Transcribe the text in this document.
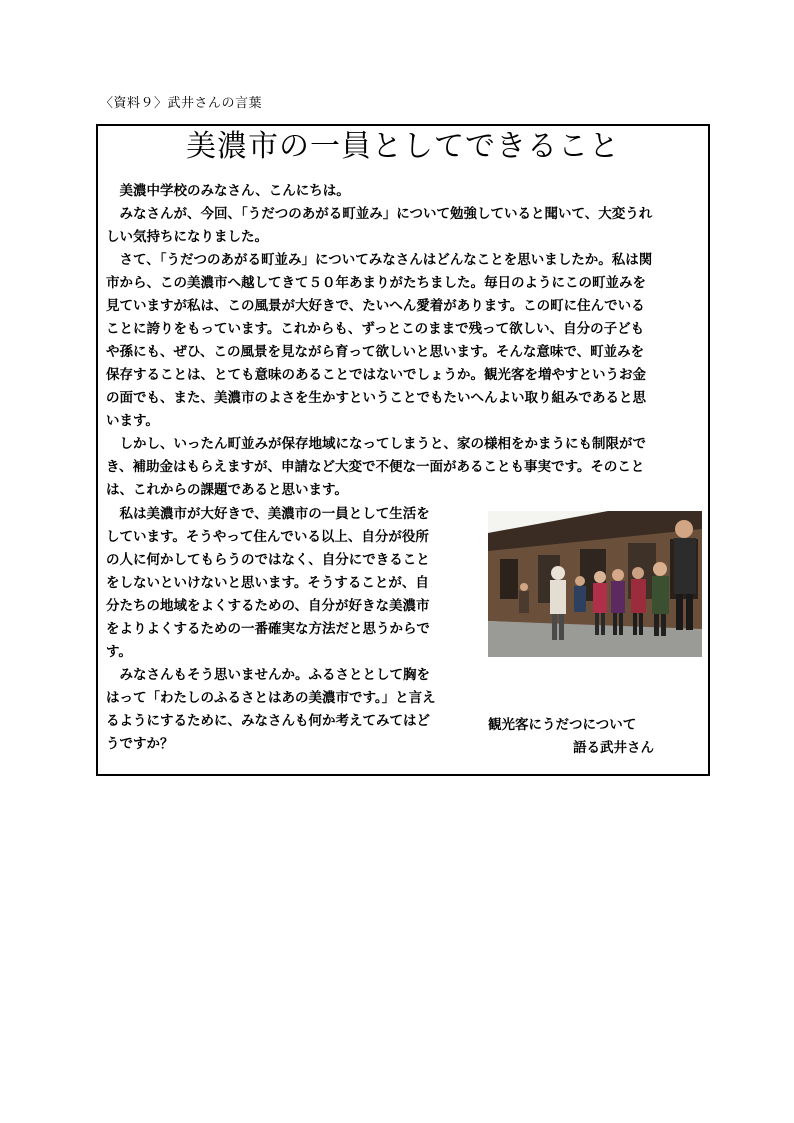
〈資料９〉武井さんの言葉
美濃市の一員としてできること
　美濃中学校のみなさん、こんにちは。
　みなさんが、今回、「うだつのあがる町並み」について勉強していると聞いて、大変うれ
しい気持ちになりました。
　さて、「うだつのあがる町並み」についてみなさんはどんなことを思いましたか。私は関
市から、この美濃市へ越してきて５０年あまりがたちました。毎日のようにこの町並みを
見ていますが私は、この風景が大好きで、たいへん愛着があります。この町に住んでいる
ことに誇りをもっています。これからも、ずっとこのままで残って欲しい、自分の子ども
や孫にも、ぜひ、この風景を見ながら育って欲しいと思います。そんな意味で、町並みを
保存することは、とても意味のあることではないでしょうか。観光客を増やすというお金
の面でも、また、美濃市のよさを生かすということでもたいへんよい取り組みであると思
います。
　しかし、いったん町並みが保存地域になってしまうと、家の様相をかまうにも制限がで
き、補助金はもらえますが、申請など大変で不便な一面があることも事実です。そのこと
は、これからの課題であると思います。
　私は美濃市が大好きで、美濃市の一員として生活を
しています。そうやって住んでいる以上、自分が役所
の人に何かしてもらうのではなく、自分にできること
をしないといけないと思います。そうすることが、自
分たちの地域をよくするための、自分が好きな美濃市
をよりよくするための一番確実な方法だと思うからで
す。
　みなさんもそう思いませんか。ふるさととして胸を
はって「わたしのふるさとはあの美濃市です。」と言え
るようにするために、みなさんも何か考えてみてはど
うですか？
観光客にうだつについて
語る武井さん
